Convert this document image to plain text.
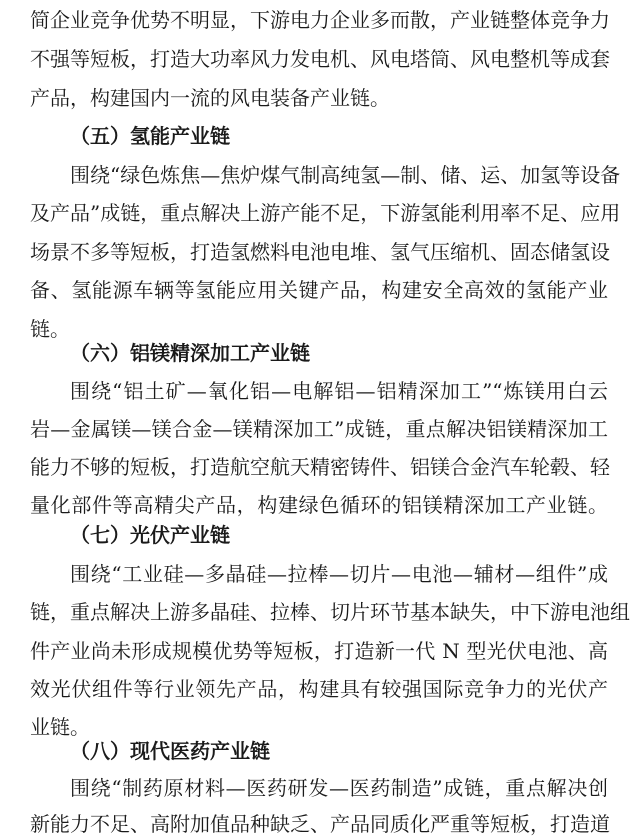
简企业竞争优势不明显，下游电力企业多而散，产业链整体竞争力
不强等短板，打造大功率风力发电机、风电塔筒、风电整机等成套
产品，构建国内一流的风电装备产业链。
（五）氢能产业链
围绕“绿色炼焦—焦炉煤气制高纯氢—制、储、运、加氢等设备
及产品”成链，重点解决上游产能不足，下游氢能利用率不足、应用
场景不多等短板，打造氢燃料电池电堆、氢气压缩机、固态储氢设
备、氢能源车辆等氢能应用关键产品，构建安全高效的氢能产业
链。
（六）铝镁精深加工产业链
围绕“铝土矿—氧化铝—电解铝—铝精深加工”“炼镁用白云
岩—金属镁—镁合金—镁精深加工”成链，重点解决铝镁精深加工
能力不够的短板，打造航空航天精密铸件、铝镁合金汽车轮毂、轻
量化部件等高精尖产品，构建绿色循环的铝镁精深加工产业链。
（七）光伏产业链
围绕“工业硅—多晶硅—拉棒—切片—电池—辅材—组件”成
链，重点解决上游多晶硅、拉棒、切片环节基本缺失，中下游电池组
件产业尚未形成规模优势等短板，打造新一代 N 型光伏电池、高
效光伏组件等行业领先产品，构建具有较强国际竞争力的光伏产
业链。
（八）现代医药产业链
围绕“制药原材料—医药研发—医药制造”成链，重点解决创
新能力不足、高附加值品种缺乏、产品同质化严重等短板，打造道
